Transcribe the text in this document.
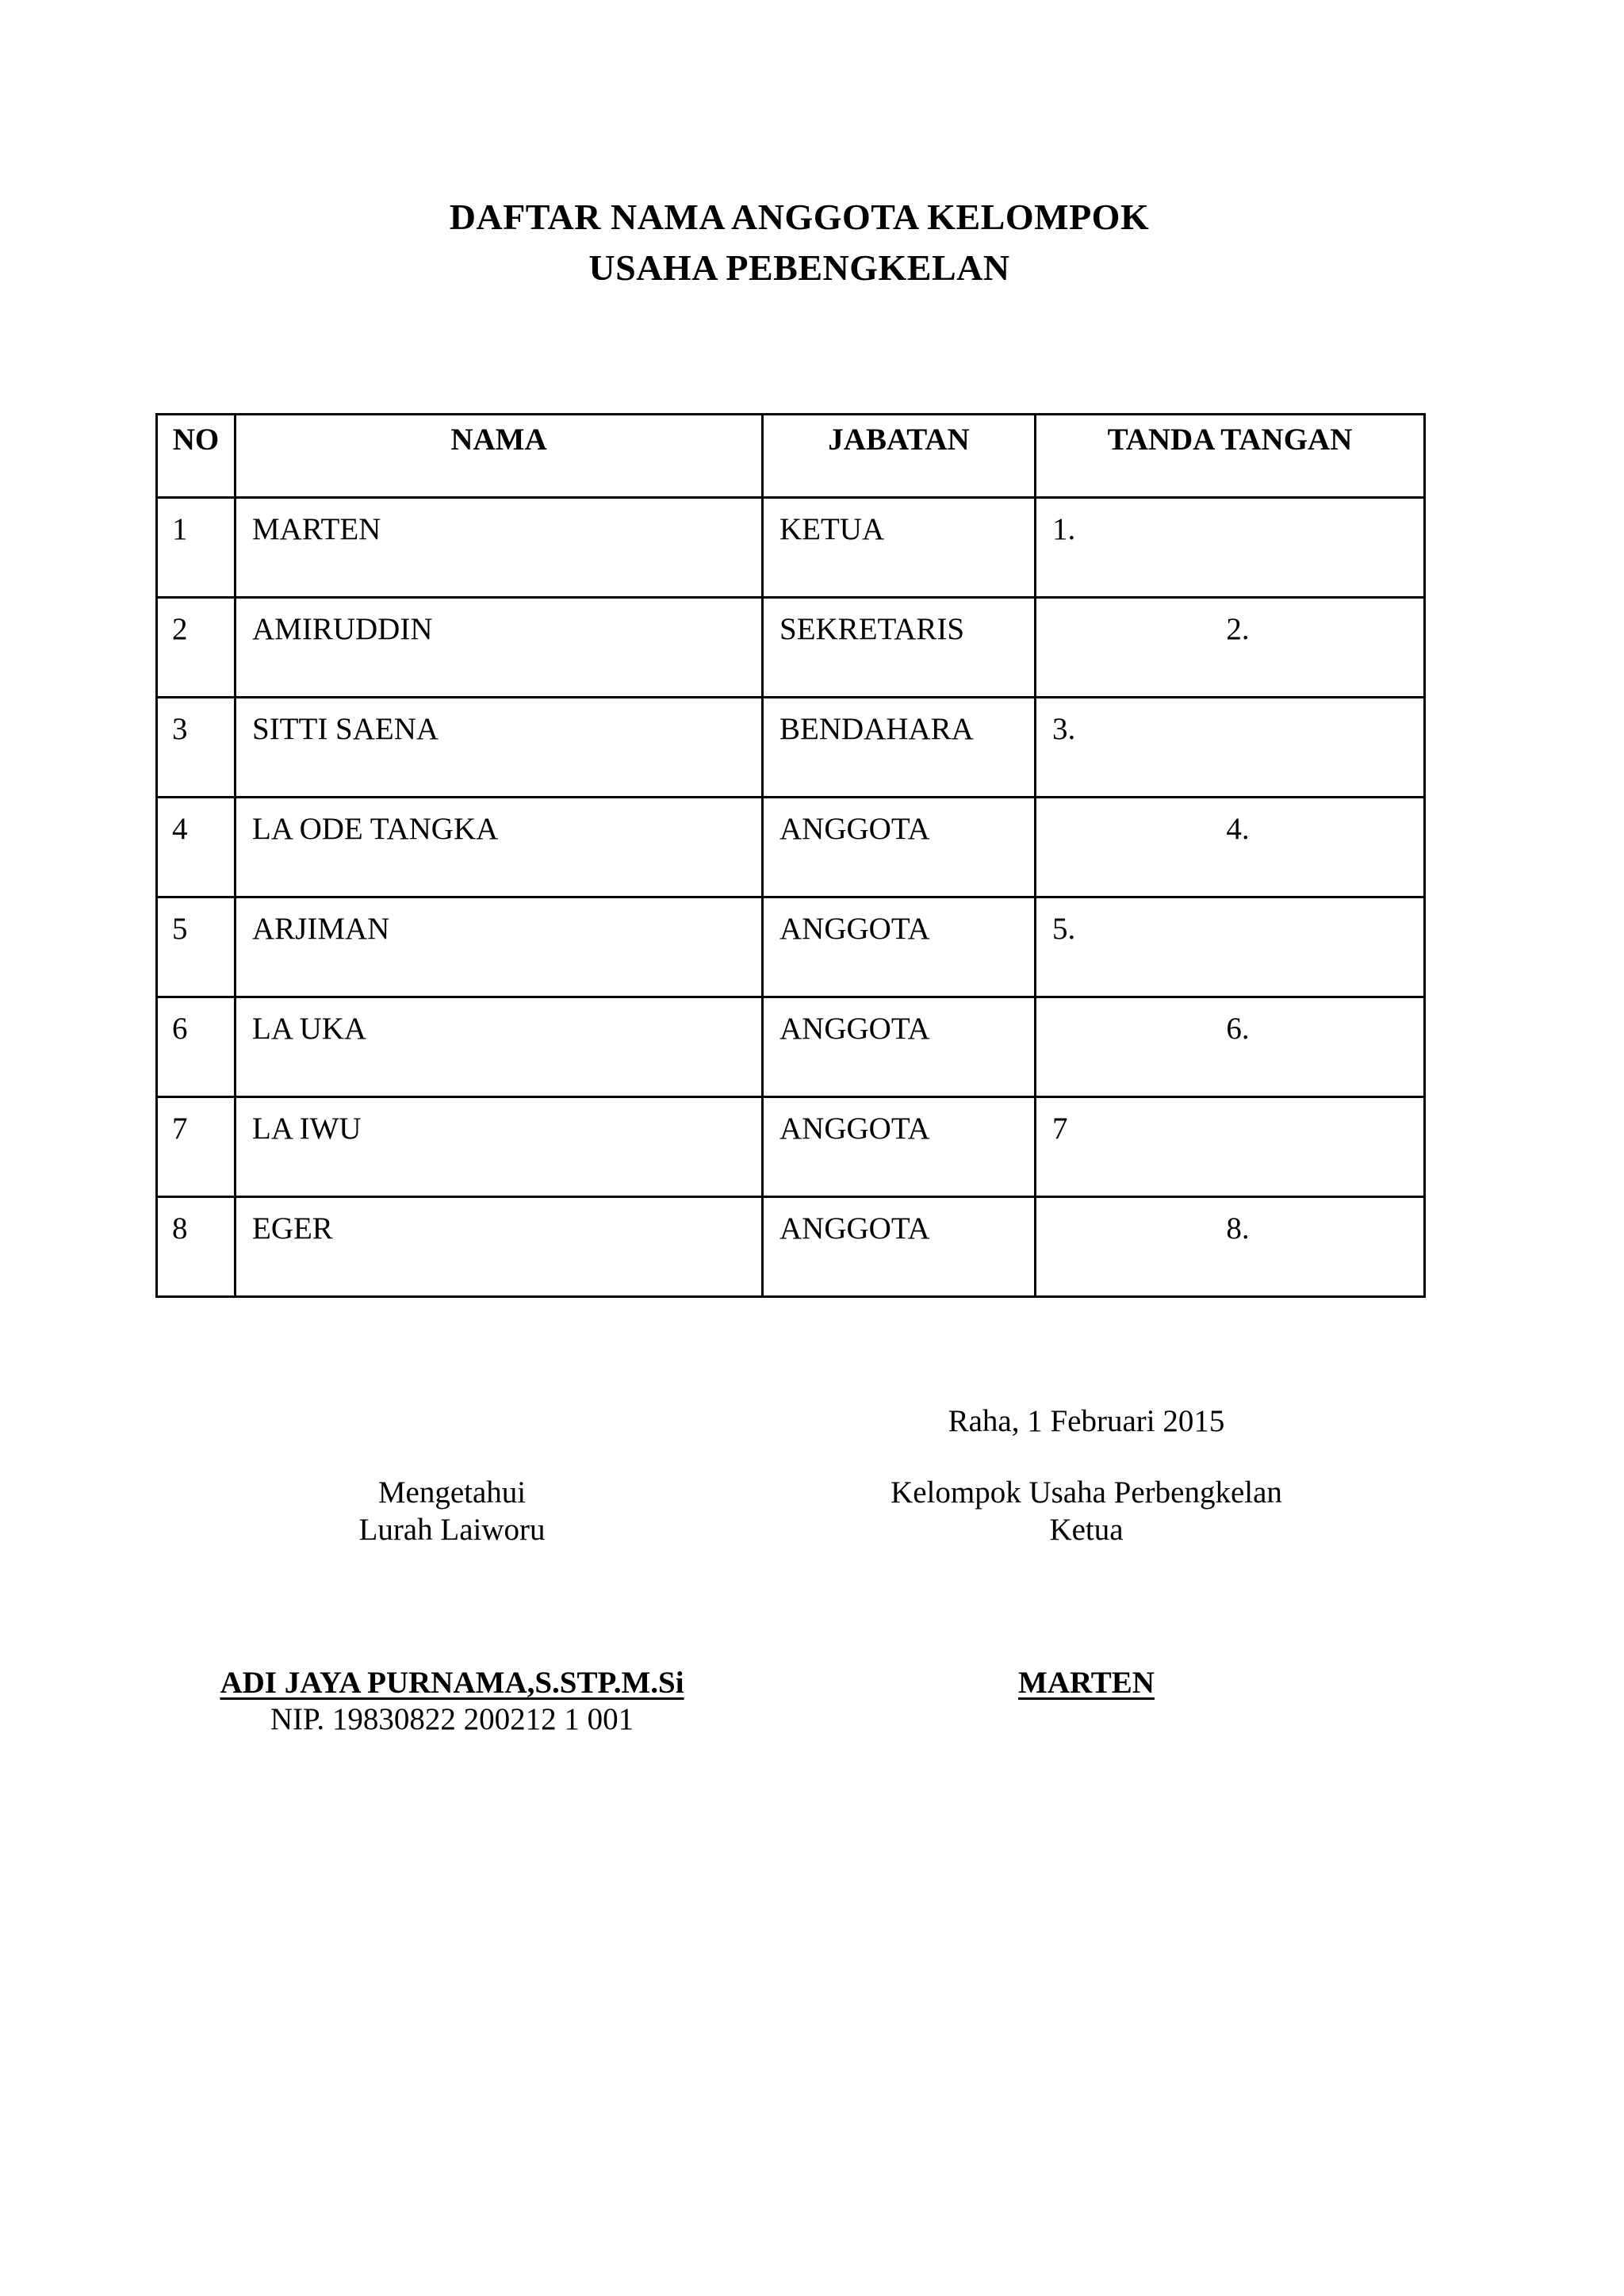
DAFTAR NAMA ANGGOTA KELOMPOK
USAHA PEBENGKELAN
NO	NAMA	JABATAN	TANDA TANGAN
1	MARTEN	KETUA	1.
2	AMIRUDDIN	SEKRETARIS	2.
3	SITTI SAENA	BENDAHARA	3.
4	LA ODE TANGKA	ANGGOTA	4.
5	ARJIMAN	ANGGOTA	5.
6	LA UKA	ANGGOTA	6.
7	LA IWU	ANGGOTA	7
8	EGER	ANGGOTA	8.
Raha, 1 Februari 2015
Mengetahui
Lurah Laiworu
Kelompok Usaha Perbengkelan
Ketua
ADI JAYA PURNAMA,S.STP.M.Si
NIP. 19830822 200212 1 001
MARTEN
